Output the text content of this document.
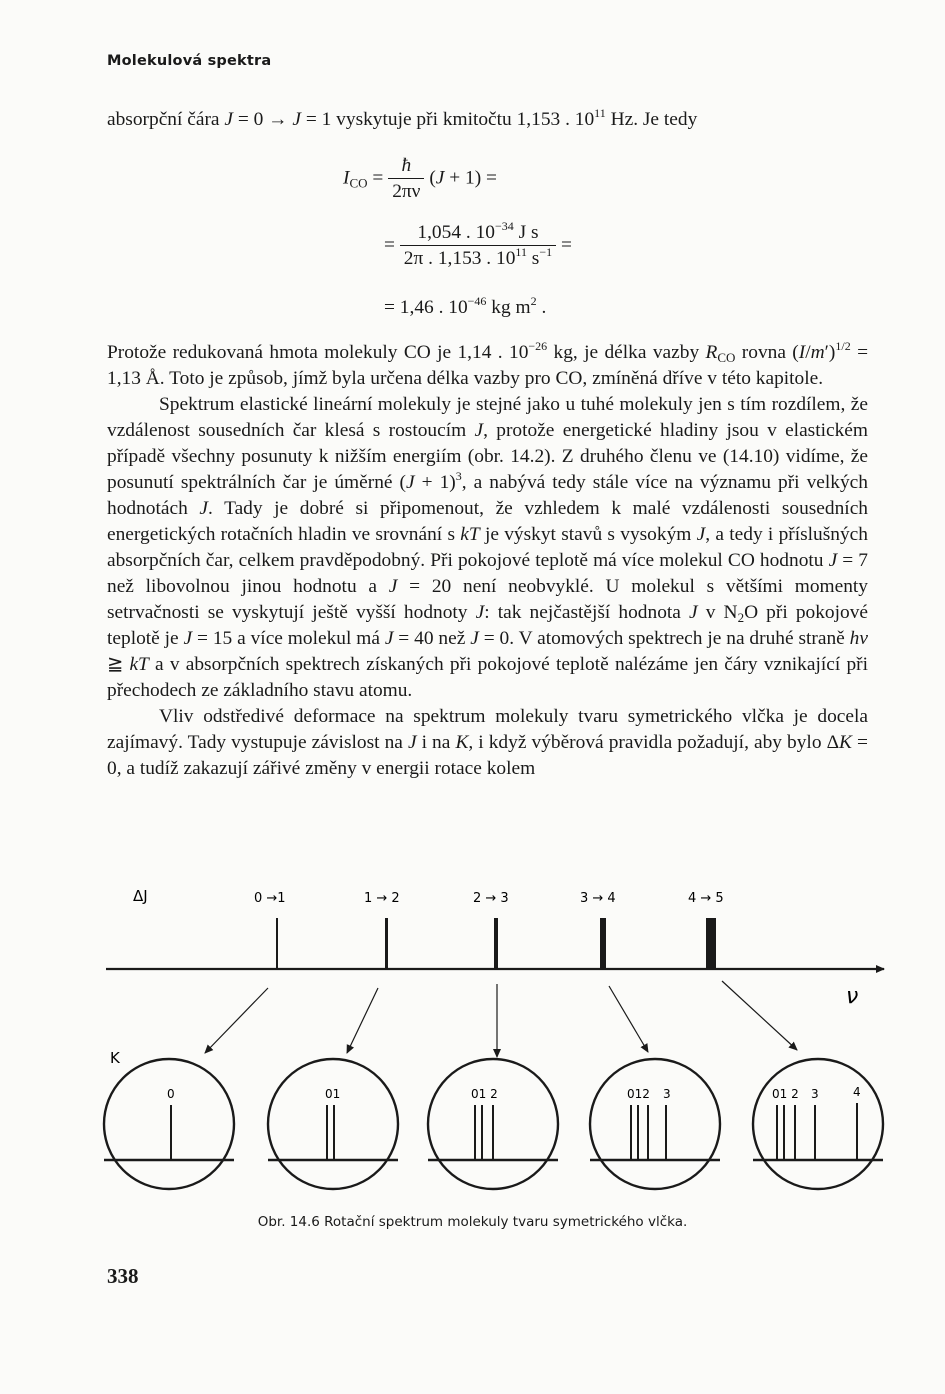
Molekulová spektra

absorpční čára J = 0 → J = 1 vyskytuje při kmitočtu 1,153 . $10^{11}$ Hz. Je tedy

$I_{CO} = \frac{ħ}{2\pi\nu} (J + 1)$ =
= $\frac{1,054 . 10^{-34} J s}{2\pi . 1,153 . 10^{11} s^{-1}}$ =
= 1,46 . $10^{-46}$ kg $m^2$ .

Protože redukovaná hmota molekuly CO je 1,14 . $10^{-26}$ kg, je délka vazby $R_{CO}$ rovna $(I/m')^{1/2} = 1,13$ Å. Toto je způsob, jímž byla určena délka vazby pro CO, zmíněná dříve v této kapitole.

Spektrum elastické lineární molekuly je stejné jako u tuhé molekuly jen s tím rozdílem, že vzdálenost sousedních čar klesá s rostoucím J, protože energetické hladiny jsou v elastickém případě všechny posunuty k nižším energiím (obr. 14.2). Z druhého členu ve (14.10) vidíme, že posunutí spektrálních čar je úměrné $(J + 1)^3$, a nabývá tedy stále více na významu při velkých hodnotách J. Tady je dobré si připomenout, že vzhledem k malé vzdálenosti sousedních energetických rotačních hladin ve srovnání s kT je výskyt stavů s vysokým J, a tedy i příslušných absorpčních čar, celkem pravděpodobný. Při pokojové teplotě má více molekul CO hodnotu J = 7 než libovolnou jinou hodnotu a J = 20 není neobvyklé. U molekul s většími momenty setrvačnosti se vyskytují ještě vyšší hodnoty J: tak nejčastější hodnota J v $N_2O$ při pokojové teplotě je J = 15 a více molekul má J = 40 než J = 0. V atomových spektrech je na druhé straně hν ≧ kT a v absorpčních spektrech získaných při pokojové teplotě nalézáme jen čáry vznikající při přechodech ze základního stavu atomu.

Vliv odstředivé deformace na spektrum molekuly tvaru symetrického vlčka je docela zajímavý. Tady vystupuje závislost na J i na K, i když výběrová pravidla požadují, aby bylo ΔK = 0, a tudíž zakazují zářivé změny v energii rotace kolem

ΔJ	0 →1	1 → 2	2 → 3	3 → 4	4 → 5
ν
K
0	01	01 2	012 3	01 2 3	4
Obr. 14.6 Rotační spektrum molekuly tvaru symetrického vlčka.
338
